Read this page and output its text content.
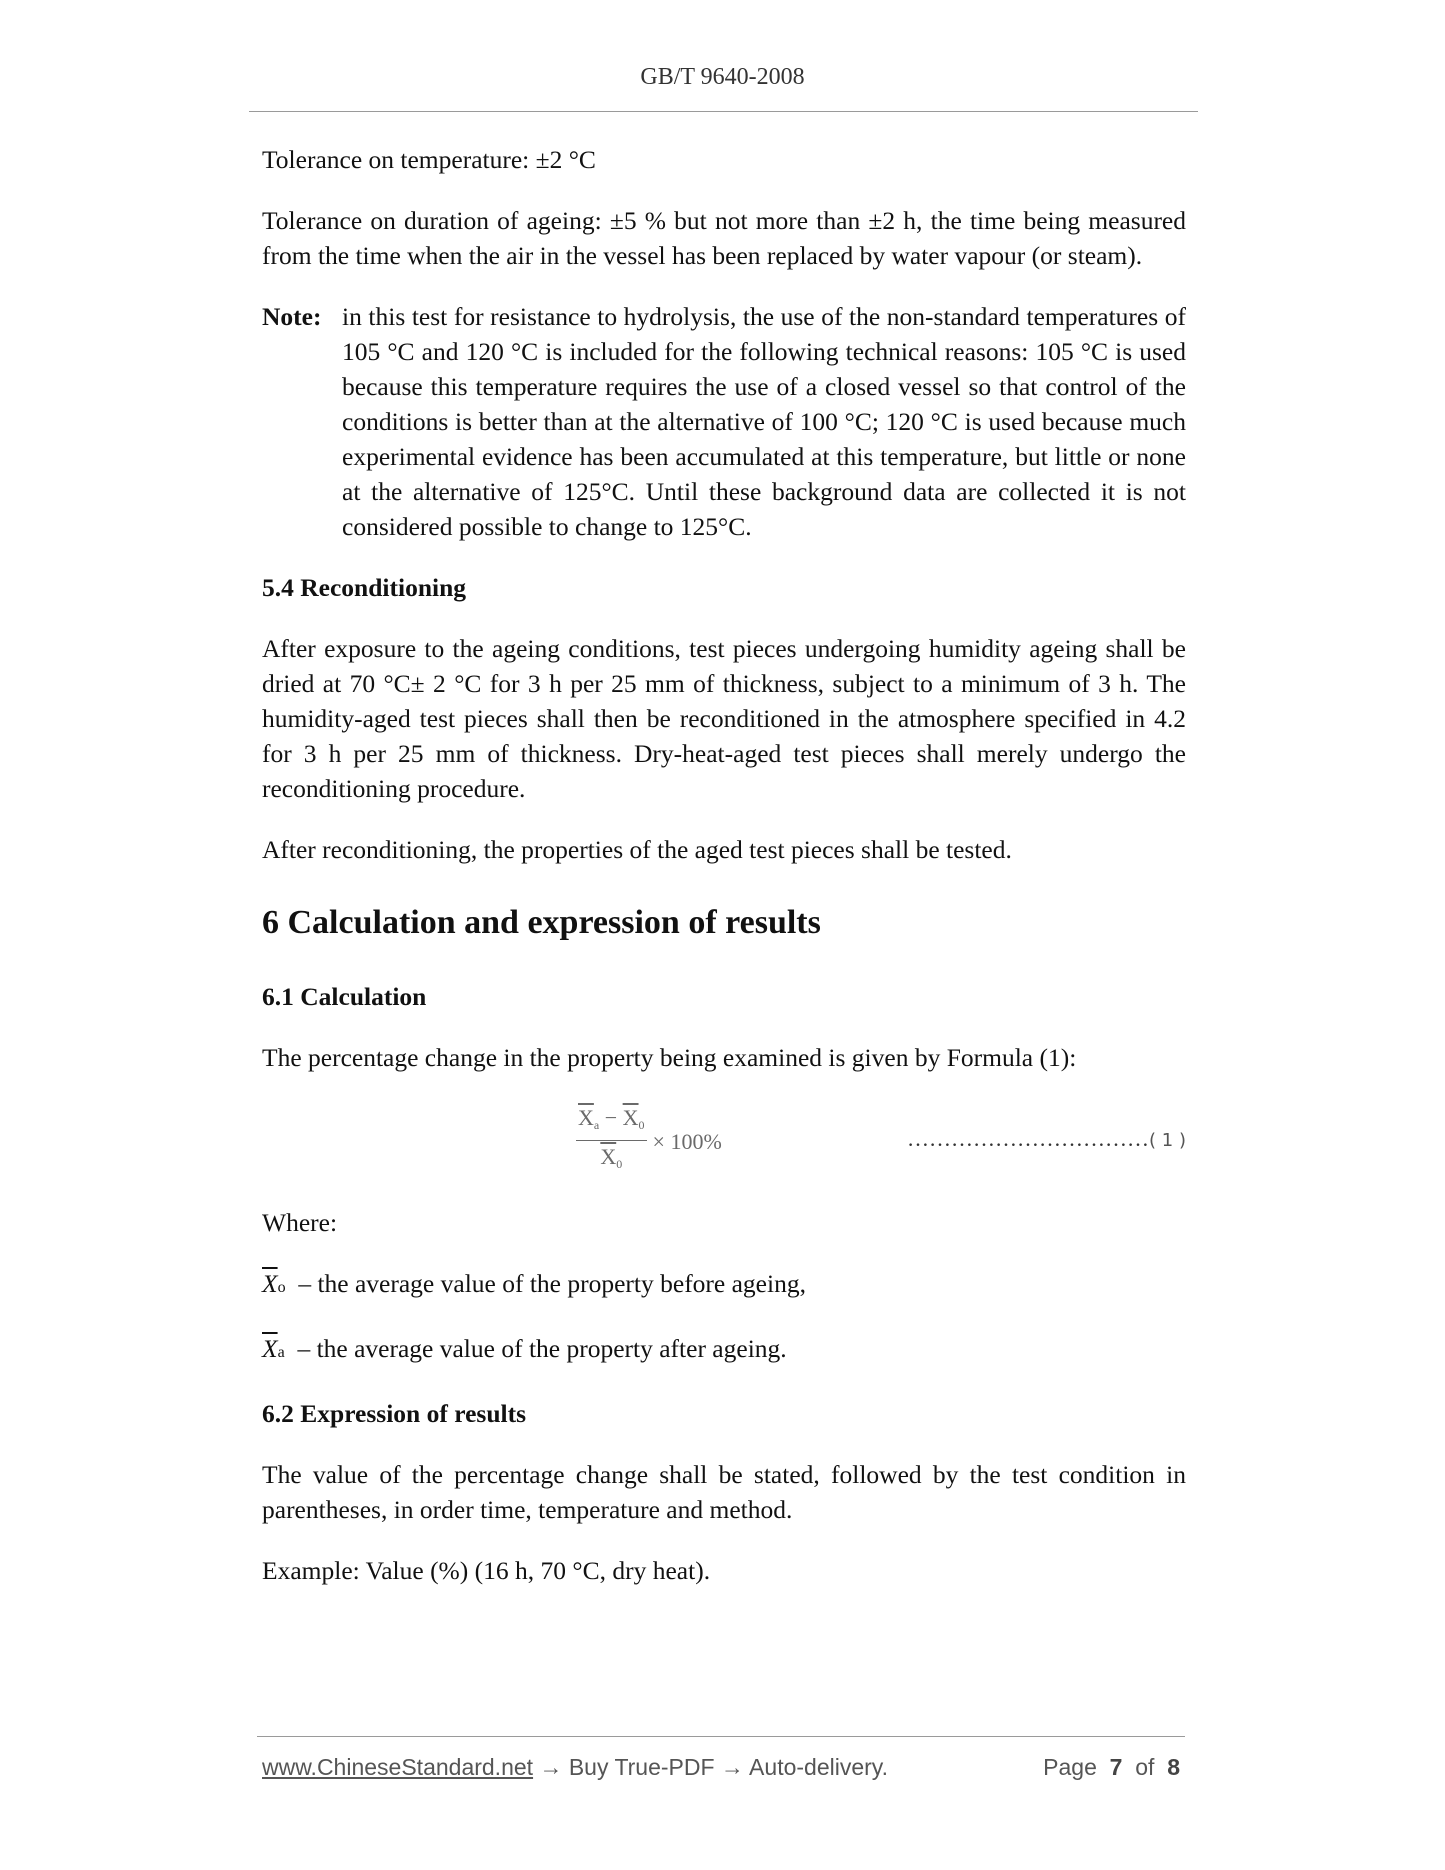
GB/T 9640-2008

Tolerance on temperature: ±2 °C

Tolerance on duration of ageing: ±5 % but not more than ±2 h, the time being measured from the time when the air in the vessel has been replaced by water vapour (or steam).

Note: in this test for resistance to hydrolysis, the use of the non-standard temperatures of 105 °C and 120 °C is included for the following technical reasons: 105 °C is used because this temperature requires the use of a closed vessel so that control of the conditions is better than at the alternative of 100 °C; 120 °C is used because much experimental evidence has been accumulated at this temperature, but little or none at the alternative of 125°C. Until these background data are collected it is not considered possible to change to 125°C.
5.4 Reconditioning

After exposure to the ageing conditions, test pieces undergoing humidity ageing shall be dried at 70 °C± 2 °C for 3 h per 25 mm of thickness, subject to a minimum of 3 h. The humidity-aged test pieces shall then be reconditioned in the atmosphere specified in 4.2 for 3 h per 25 mm of thickness. Dry-heat-aged test pieces shall merely undergo the reconditioning procedure.

After reconditioning, the properties of the aged test pieces shall be tested.

6 Calculation and expression of results
6.1 Calculation

The percentage change in the property being examined is given by Formula (1):

$\frac{\overline{X}_a - \overline{X}_0}{\overline{X}_0} \times 100\%$	……………………………( 1 )

Where:

$\overline{X}o$ – the average value of the property before ageing,

$\overline{X}a$ – the average value of the property after ageing.

6.2 Expression of results

The value of the percentage change shall be stated, followed by the test condition in parentheses, in order time, temperature and method.

Example: Value (%) (16 h, 70 °C, dry heat).

www.ChineseStandard.net → Buy True-PDF → Auto-delivery.	Page 7 of 8
